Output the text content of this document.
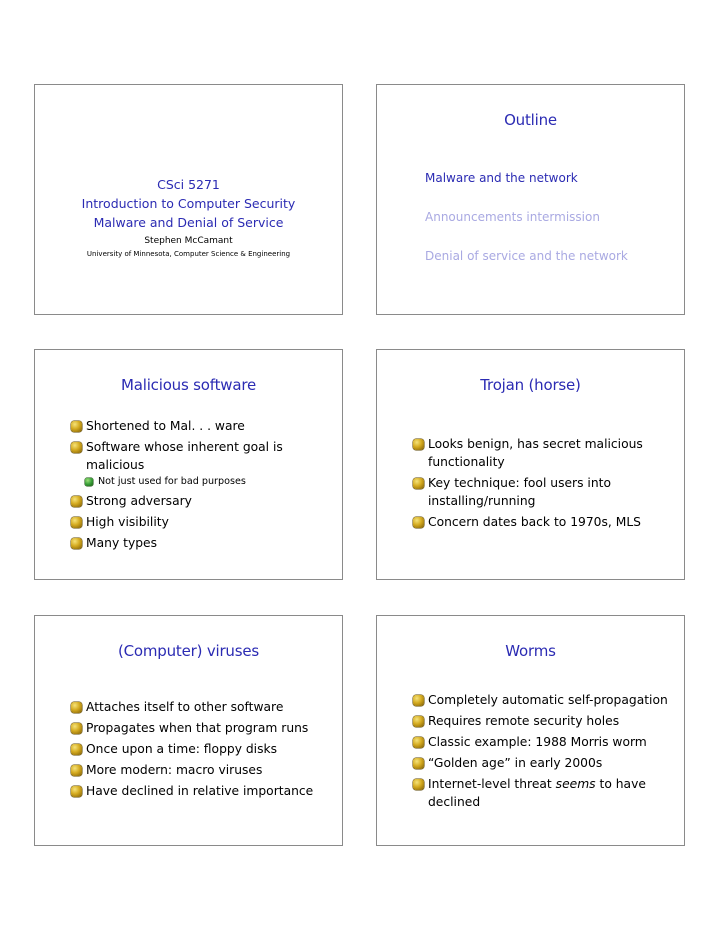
CSci 5271
Introduction to Computer Security
Malware and Denial of Service
Stephen McCamant
University of Minnesota, Computer Science & Engineering
Outline
Malware and the network
Announcements intermission
Denial of service and the network
Malicious software
Shortened to Mal. . . ware
Software whose inherent goal is malicious
Not just used for bad purposes
Strong adversary
High visibility
Many types
Trojan (horse)
Looks benign, has secret malicious functionality
Key technique: fool users into installing/running
Concern dates back to 1970s, MLS
(Computer) viruses
Attaches itself to other software
Propagates when that program runs
Once upon a time: floppy disks
More modern: macro viruses
Have declined in relative importance
Worms
Completely automatic self-propagation
Requires remote security holes
Classic example: 1988 Morris worm
“Golden age” in early 2000s
Internet-level threat seems to have declined
